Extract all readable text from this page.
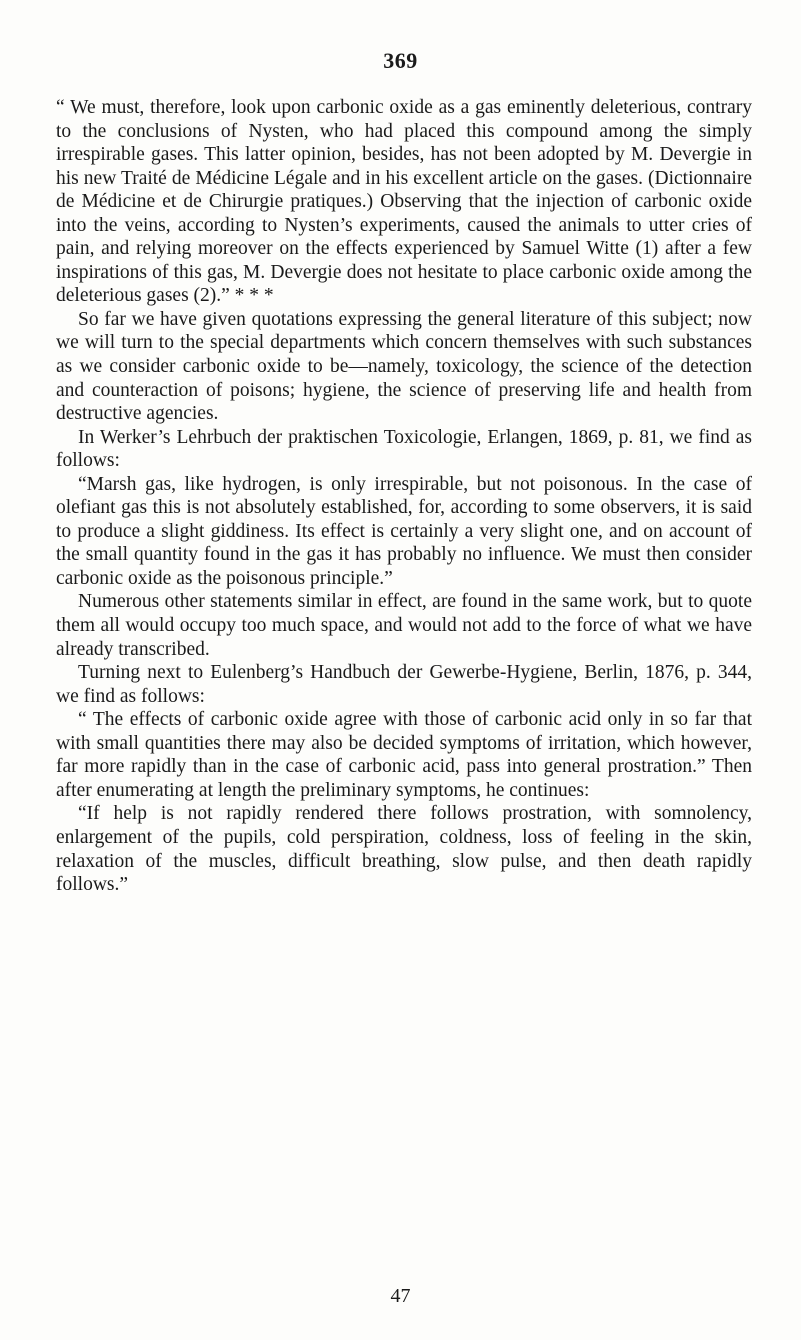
369

“ We must, therefore, look upon carbonic oxide as a gas eminently deleterious, contrary to the conclusions of Nysten, who had placed this compound among the simply irrespirable gases. This latter opinion, besides, has not been adopted by M. Devergie in his new Traité de Médicine Légale and in his excellent article on the gases. (Dictionnaire de Médicine et de Chirurgie pratiques.) Observing that the injection of carbonic oxide into the veins, according to Nysten’s experiments, caused the animals to utter cries of pain, and relying moreover on the effects experienced by Samuel Witte (1) after a few inspirations of this gas, M. Devergie does not hesitate to place carbonic oxide among the deleterious gases (2).” * * *

So far we have given quotations expressing the general literature of this subject; now we will turn to the special departments which concern themselves with such substances as we consider carbonic oxide to be—namely, toxicology, the science of the detection and counteraction of poisons; hygiene, the science of preserving life and health from destructive agencies.

In Werker’s Lehrbuch der praktischen Toxicologie, Erlangen, 1869, p. 81, we find as follows:

“Marsh gas, like hydrogen, is only irrespirable, but not poisonous. In the case of olefiant gas this is not absolutely established, for, according to some observers, it is said to produce a slight giddiness. Its effect is certainly a very slight one, and on account of the small quantity found in the gas it has probably no influence. We must then consider carbonic oxide as the poisonous principle.”

Numerous other statements similar in effect, are found in the same work, but to quote them all would occupy too much space, and would not add to the force of what we have already transcribed.

Turning next to Eulenberg’s Handbuch der Gewerbe-Hygiene, Berlin, 1876, p. 344, we find as follows:

“ The effects of carbonic oxide agree with those of carbonic acid only in so far that with small quantities there may also be decided symptoms of irritation, which however, far more rapidly than in the case of carbonic acid, pass into general prostration.” Then after enumerating at length the preliminary symptoms, he continues:

“If help is not rapidly rendered there follows prostration, with somnolency, enlargement of the pupils, cold perspiration, coldness, loss of feeling in the skin, relaxation of the muscles, difficult breathing, slow pulse, and then death rapidly follows.”

47
